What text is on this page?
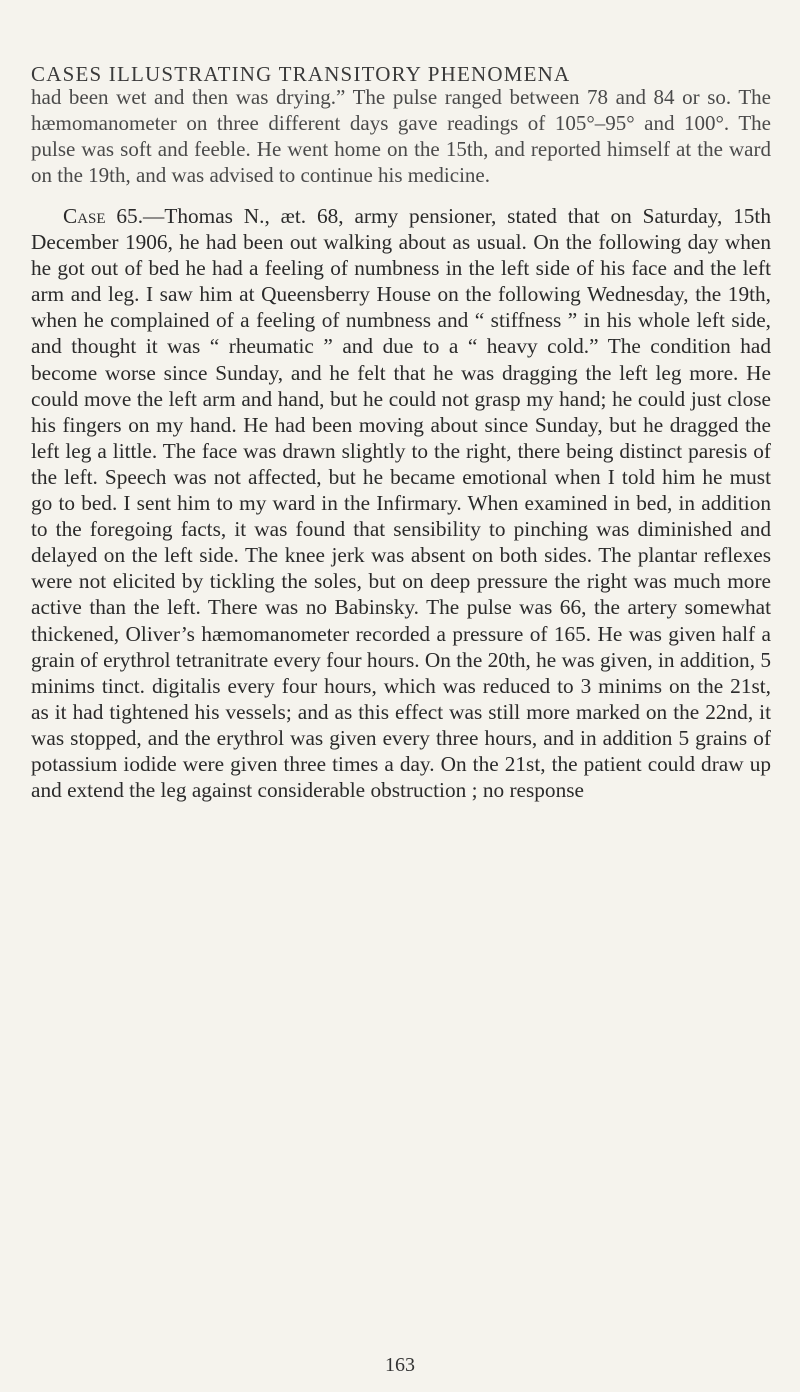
CASES ILLUSTRATING TRANSITORY PHENOMENA

had been wet and then was drying.” The pulse ranged between 78 and 84 or so. The hæmomanometer on three different days gave readings of 105°–95° and 100°. The pulse was soft and feeble. He went home on the 15th, and reported himself at the ward on the 19th, and was advised to continue his medicine.

Case 65.—Thomas N., æt. 68, army pensioner, stated that on Saturday, 15th December 1906, he had been out walking about as usual. On the following day when he got out of bed he had a feeling of numbness in the left side of his face and the left arm and leg. I saw him at Queensberry House on the following Wednesday, the 19th, when he complained of a feeling of numbness and “ stiffness ” in his whole left side, and thought it was “ rheumatic ” and due to a “ heavy cold.” The condition had become worse since Sunday, and he felt that he was dragging the left leg more. He could move the left arm and hand, but he could not grasp my hand; he could just close his fingers on my hand. He had been moving about since Sunday, but he dragged the left leg a little. The face was drawn slightly to the right, there being distinct paresis of the left. Speech was not affected, but he became emotional when I told him he must go to bed. I sent him to my ward in the Infirmary. When examined in bed, in addition to the foregoing facts, it was found that sensibility to pinching was diminished and delayed on the left side. The knee jerk was absent on both sides. The plantar reflexes were not elicited by tickling the soles, but on deep pressure the right was much more active than the left. There was no Babinsky. The pulse was 66, the artery somewhat thickened, Oliver’s hæmomanometer recorded a pressure of 165. He was given half a grain of erythrol tetranitrate every four hours. On the 20th, he was given, in addition, 5 minims tinct. digitalis every four hours, which was reduced to 3 minims on the 21st, as it had tightened his vessels; and as this effect was still more marked on the 22nd, it was stopped, and the erythrol was given every three hours, and in addition 5 grains of potassium iodide were given three times a day. On the 21st, the patient could draw up and extend the leg against considerable obstruction ; no response

163
